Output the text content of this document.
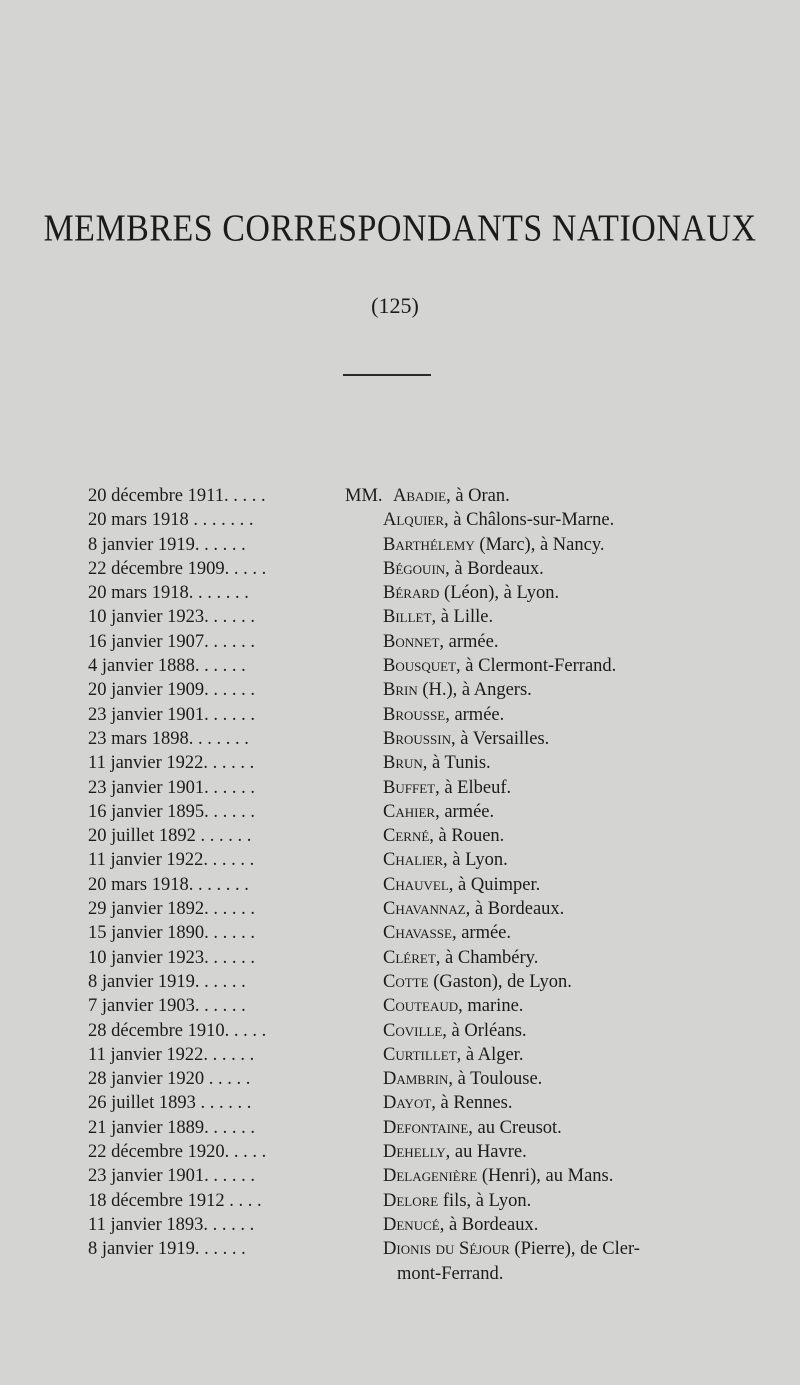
MEMBRES CORRESPONDANTS NATIONAUX
(125)
20 décembre 1911. . . . .	MM. Abadie, à Oran.
20 mars 1918 . . . . . . .	Alquier, à Châlons-sur-Marne.
8 janvier 1919. . . . . .	Barthélemy (Marc), à Nancy.
22 décembre 1909. . . . .	Bégouin, à Bordeaux.
20 mars 1918. . . . . . .	Bérard (Léon), à Lyon.
10 janvier 1923. . . . . .	Billet, à Lille.
16 janvier 1907. . . . . .	Bonnet, armée.
4 janvier 1888. . . . . .	Bousquet, à Clermont-Ferrand.
20 janvier 1909. . . . . .	Brin (H.), à Angers.
23 janvier 1901. . . . . .	Brousse, armée.
23 mars 1898. . . . . . .	Broussin, à Versailles.
11 janvier 1922. . . . . .	Brun, à Tunis.
23 janvier 1901. . . . . .	Buffet, à Elbeuf.
16 janvier 1895. . . . . .	Cahier, armée.
20 juillet 1892 . . . . . .	Cerné, à Rouen.
11 janvier 1922. . . . . .	Chalier, à Lyon.
20 mars 1918. . . . . . .	Chauvel, à Quimper.
29 janvier 1892. . . . . .	Chavannaz, à Bordeaux.
15 janvier 1890. . . . . .	Chavasse, armée.
10 janvier 1923. . . . . .	Cléret, à Chambéry.
8 janvier 1919. . . . . .	Cotte (Gaston), de Lyon.
7 janvier 1903. . . . . .	Couteaud, marine.
28 décembre 1910. . . . .	Coville, à Orléans.
11 janvier 1922. . . . . .	Curtillet, à Alger.
28 janvier 1920 . . . . .	Dambrin, à Toulouse.
26 juillet 1893 . . . . . .	Dayot, à Rennes.
21 janvier 1889. . . . . .	Defontaine, au Creusot.
22 décembre 1920. . . . .	Dehelly, au Havre.
23 janvier 1901. . . . . .	Delagenière (Henri), au Mans.
18 décembre 1912 . . . .	Delore fils, à Lyon.
11 janvier 1893. . . . . .	Denucé, à Bordeaux.
8 janvier 1919. . . . . .	Dionis du Séjour (Pierre), de Cler-
mont-Ferrand.
